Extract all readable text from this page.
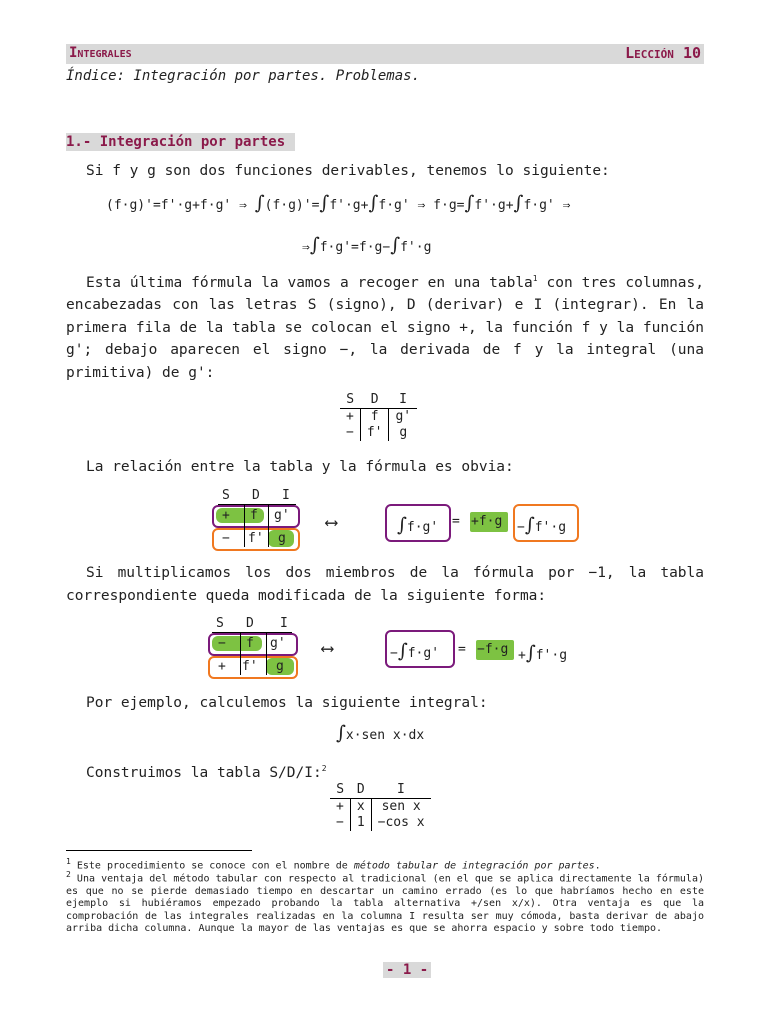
Integrales	Lección 10
Índice: Integración por partes. Problemas.
1.- Integración por partes
Si f y g son dos funciones derivables, tenemos lo siguiente:
(f·g)'=f'·g+f·g' ⇒ ∫(f·g)'=∫f'·g+∫f·g' ⇒ f·g=∫f'·g+∫f·g' ⇒
⇒∫f·g'=f·g−∫f'·g
Esta última fórmula la vamos a recoger en una tabla$^1$ con tres columnas, encabezadas con las letras S (signo), D (derivar) e I (integrar). En la primera fila de la tabla se colocan el signo +, la función f y la función g'; debajo aparecen el signo −, la derivada de f y la integral (una primitiva) de g':
S	D	I
+	f	g'
−	f'	g
La relación entre la tabla y la fórmula es obvia:
S D I
+ f g'
− f' g
⟷	∫f·g' = +f·g −∫f'·g
Si multiplicamos los dos miembros de la fórmula por −1, la tabla correspondiente queda modificada de la siguiente forma:
S D I
− f g'
+ f' g
⟷	−∫f·g' = −f·g +∫f'·g
Por ejemplo, calculemos la siguiente integral:
∫x·sen x·dx
Construimos la tabla S/D/I:$^2$
S	D	I
+	x	sen x
−	1	−cos x
$^1$ Este procedimiento se conoce con el nombre de método tabular de integración por partes.
$^2$ Una ventaja del método tabular con respecto al tradicional (en el que se aplica directamente la fórmula) es que no se pierde demasiado tiempo en descartar un camino errado (es lo que habríamos hecho en este ejemplo si hubiéramos empezado probando la tabla alternativa +/sen x/x). Otra ventaja es que la comprobación de las integrales realizadas en la columna I resulta ser muy cómoda, basta derivar de abajo arriba dicha columna. Aunque la mayor de las ventajas es que se ahorra espacio y sobre todo tiempo.
- 1 -
